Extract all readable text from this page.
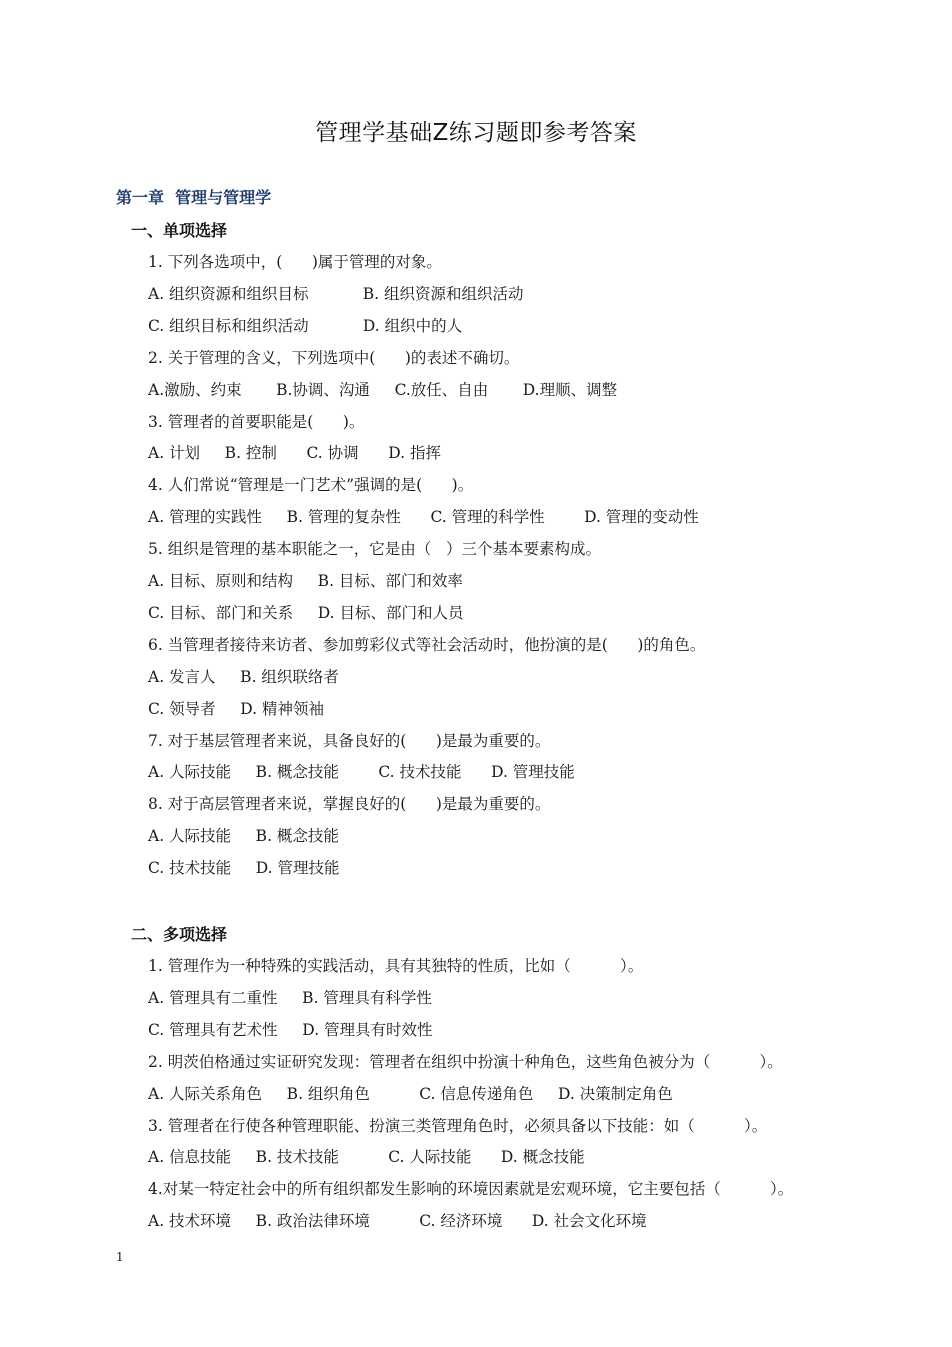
管理学基础Z练习题即参考答案
第一章  管理与管理学
一、单项选择
1. 下列各选项中，(      )属于管理的对象。
A. 组织资源和组织目标           B. 组织资源和组织活动
C. 组织目标和组织活动           D. 组织中的人
2. 关于管理的含义，下列选项中(      )的表述不确切。
A.激励、约束       B.协调、沟通     C.放任、自由       D.理顺、调整
3. 管理者的首要职能是(      )。
A. 计划     B. 控制      C. 协调      D. 指挥
4. 人们常说“管理是一门艺术”强调的是(      )。
A. 管理的实践性     B. 管理的复杂性      C. 管理的科学性        D. 管理的变动性
5. 组织是管理的基本职能之一，它是由（   ）三个基本要素构成。
A. 目标、原则和结构     B. 目标、部门和效率
C. 目标、部门和关系     D. 目标、部门和人员
6. 当管理者接待来访者、参加剪彩仪式等社会活动时，他扮演的是(      )的角色。
A. 发言人     B. 组织联络者
C. 领导者     D. 精神领袖
7. 对于基层管理者来说，具备良好的(      )是最为重要的。
A. 人际技能     B. 概念技能        C. 技术技能      D. 管理技能
8. 对于高层管理者来说，掌握良好的(      )是最为重要的。
A. 人际技能     B. 概念技能
C. 技术技能     D. 管理技能
二、多项选择
1. 管理作为一种特殊的实践活动，具有其独特的性质，比如（          ）。
A. 管理具有二重性     B. 管理具有科学性
C. 管理具有艺术性     D. 管理具有时效性
2. 明茨伯格通过实证研究发现：管理者在组织中扮演十种角色，这些角色被分为（          ）。
A. 人际关系角色     B. 组织角色          C. 信息传递角色     D. 决策制定角色
3. 管理者在行使各种管理职能、扮演三类管理角色时，必须具备以下技能：如（          ）。
A. 信息技能     B. 技术技能          C. 人际技能      D. 概念技能
4.对某一特定社会中的所有组织都发生影响的环境因素就是宏观环境，它主要包括（          ）。
A. 技术环境     B. 政治法律环境          C. 经济环境      D. 社会文化环境
1
